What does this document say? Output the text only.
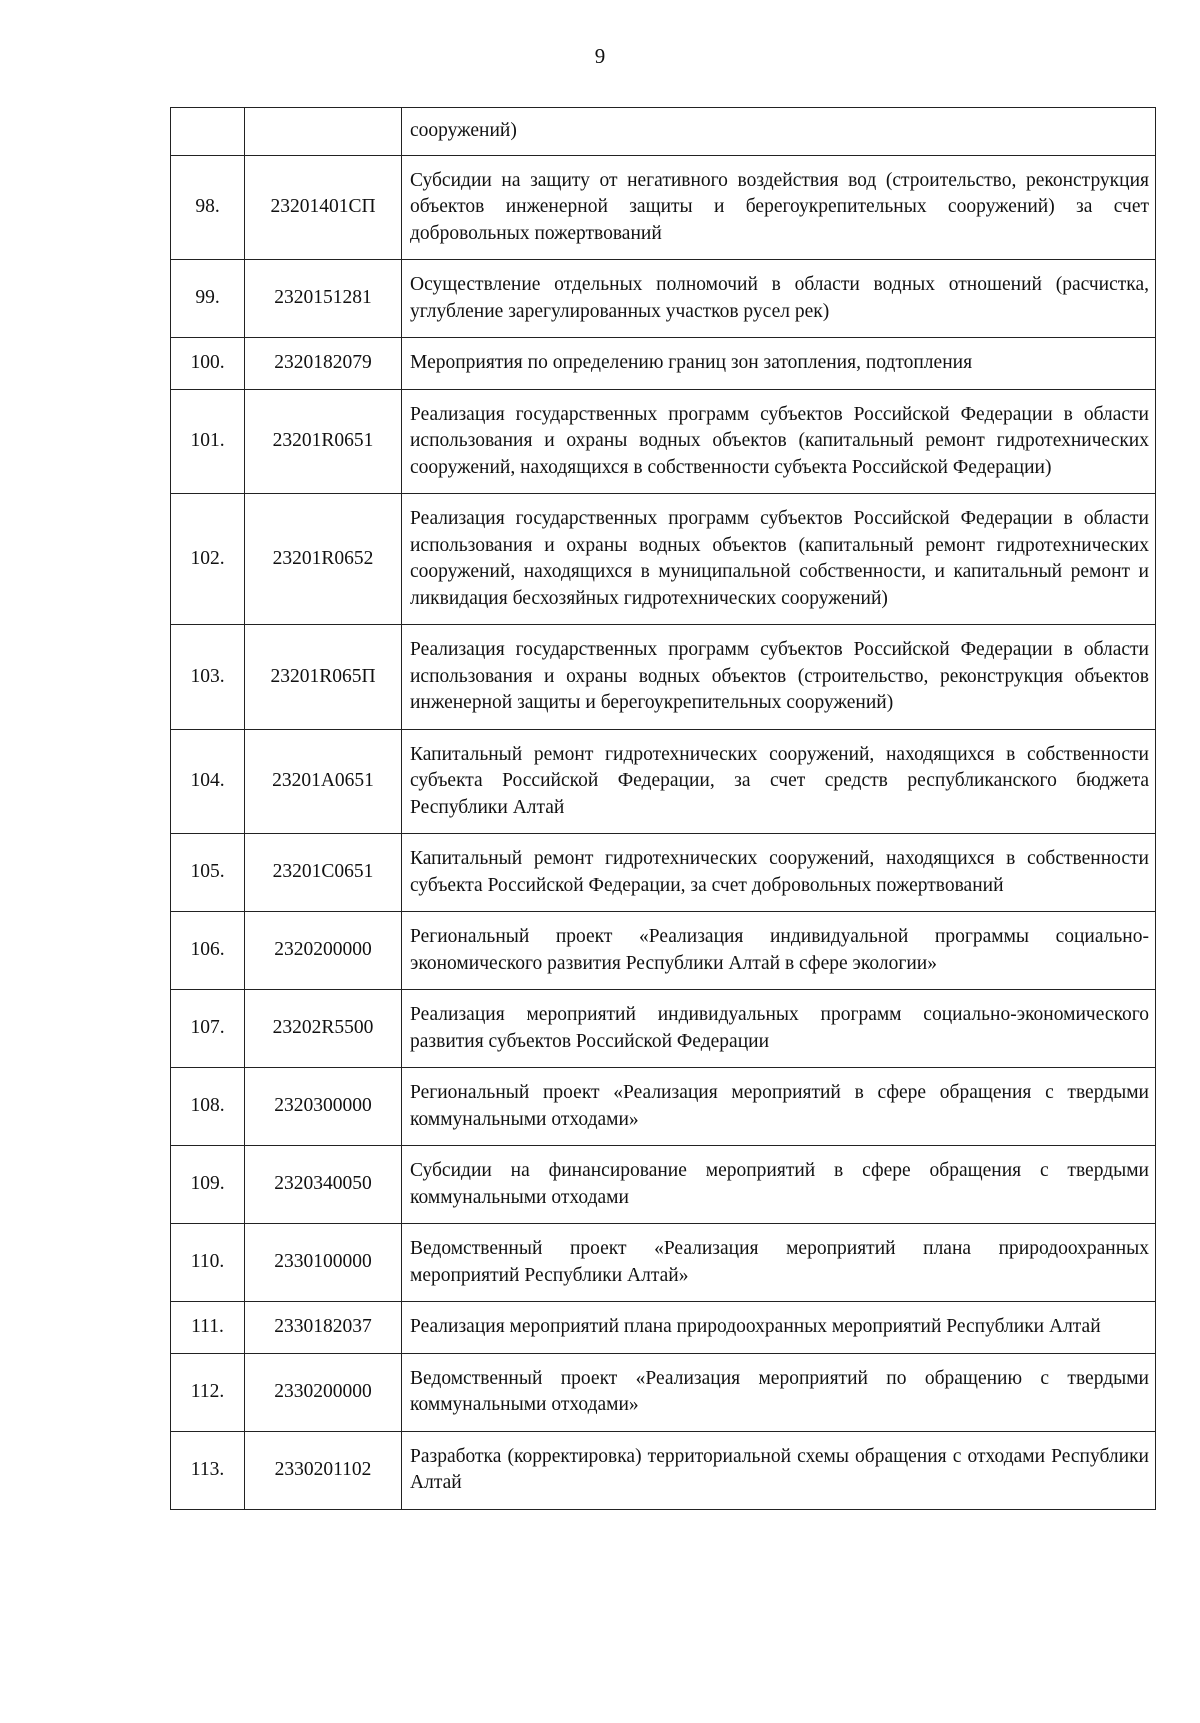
9
		сооружений)
98.	23201401СП	Субсидии на защиту от негативного воздействия вод (строительство, реконструкция объектов инженерной защиты и берегоукрепительных сооружений) за счет добровольных пожертвований
99.	2320151281	Осуществление отдельных полномочий в области водных отношений (расчистка, углубление зарегулированных участков русел рек)
100.	2320182079	Мероприятия по определению границ зон затопления, подтопления
101.	23201R0651	Реализация государственных программ субъектов Российской Федерации в области использования и охраны водных объектов (капитальный ремонт гидротехнических сооружений, находящихся в собственности субъекта Российской Федерации)
102.	23201R0652	Реализация государственных программ субъектов Российской Федерации в области использования и охраны водных объектов (капитальный ремонт гидротехнических сооружений, находящихся в муниципальной собственности, и капитальный ремонт и ликвидация бесхозяйных гидротехнических сооружений)
103.	23201R065П	Реализация государственных программ субъектов Российской Федерации в области использования и охраны водных объектов (строительство, реконструкция объектов инженерной защиты и берегоукрепительных сооружений)
104.	23201A0651	Капитальный ремонт гидротехнических сооружений, находящихся в собственности субъекта Российской Федерации, за счет средств республиканского бюджета Республики Алтай
105.	23201C0651	Капитальный ремонт гидротехнических сооружений, находящихся в собственности субъекта Российской Федерации, за счет добровольных пожертвований
106.	2320200000	Региональный проект «Реализация индивидуальной программы социально-экономического развития Республики Алтай в сфере экологии»
107.	23202R5500	Реализация мероприятий индивидуальных программ социально-экономического развития субъектов Российской Федерации
108.	2320300000	Региональный проект «Реализация мероприятий в сфере обращения с твердыми коммунальными отходами»
109.	2320340050	Субсидии на финансирование мероприятий в сфере обращения с твердыми коммунальными отходами
110.	2330100000	Ведомственный проект «Реализация мероприятий плана природоохранных мероприятий Республики Алтай»
111.	2330182037	Реализация мероприятий плана природоохранных мероприятий Республики Алтай
112.	2330200000	Ведомственный проект «Реализация мероприятий по обращению с твердыми коммунальными отходами»
113.	2330201102	Разработка (корректировка) территориальной схемы обращения с отходами Республики Алтай
